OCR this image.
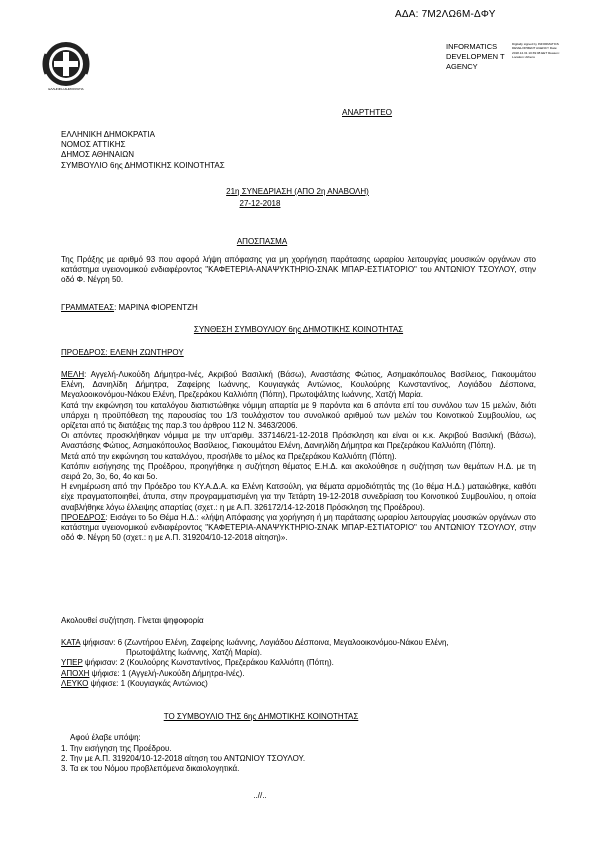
ΑΔΑ: 7Μ2ΛΩ6Μ-ΔΦΥ
ΕΛΛΗΝΙΚΗ ΔΗΜΟΚΡΑΤΙΑ
INFORMATICS DEVELOPMEN T AGENCY
Digitally signed by INFORMATICS DEVELOPMENT AGENCY Date: 2018.12.31 10:39:08 EET Reason: Location: Athens
ΑΝΑΡΤΗΤΕΟ
ΕΛΛΗΝΙΚΗ ΔΗΜΟΚΡΑΤΙΑ
ΝΟΜΟΣ ΑΤΤΙΚΗΣ
ΔΗΜΟΣ ΑΘΗΝΑΙΩΝ
ΣΥΜΒΟΥΛΙΟ 6ης ΔΗΜΟΤΙΚΗΣ ΚΟΙΝΟΤΗΤΑΣ
21η ΣΥΝΕΔΡΙΑΣΗ (ΑΠΟ 2η ΑΝΑΒΟΛΗ)
27-12-2018
ΑΠΟΣΠΑΣΜΑ

Της Πράξης με αριθμό 93 που αφορά λήψη απόφασης για μη χορήγηση παράτασης ωραρίου λειτουργίας μουσικών οργάνων στο κατάστημα υγειονομικού ενδιαφέροντος "ΚΑΦΕΤΕΡΙΑ-ΑΝΑΨΥΚΤΗΡΙΟ-ΣΝΑΚ ΜΠΑΡ-ΕΣΤΙΑΤΟΡΙΟ" του ΑΝΤΩΝΙΟΥ ΤΣΟΥΛΟΥ, στην οδό Φ. Νέγρη 50.

ΓΡΑΜΜΑΤΕΑΣ: ΜΑΡΙΝΑ ΦΙΟΡΕΝΤΖΗ
ΣΥΝΘΕΣΗ ΣΥΜΒΟΥΛΙΟΥ 6ης ΔΗΜΟΤΙΚΗΣ ΚΟΙΝΟΤΗΤΑΣ
ΠΡΟΕΔΡΟΣ: ΕΛΕΝΗ ΖΩΝΤΗΡΟΥ

ΜΕΛΗ: Αγγελή-Λυκούδη Δήμητρα-Ινές, Ακριβού Βασιλική (Βάσω), Αναστάσης Φώτιος, Ασημακόπουλος Βασίλειος, Γιακουμάτου Ελένη, Δανιηλίδη Δήμητρα, Ζαφείρης Ιωάννης, Κουγιαγκάς Αντώνιος, Κουλούρης Κωνσταντίνος, Λογιάδου Δέσποινα, Μεγαλοοικονόμου-Νάκου Ελένη, Πρεζεράκου Καλλιόπη (Πόπη), Πρωτοψάλτης Ιωάννης, Χατζή Μαρία.

Κατά την εκφώνηση του καταλόγου διαπιστώθηκε νόμιμη απαρτία με 9 παρόντα και 6 απόντα επί του συνόλου των 15 μελών, διότι υπάρχει η προϋπόθεση της παρουσίας του 1/3 τουλάχιστον του συνολικού αριθμού των μελών του Κοινοτικού Συμβουλίου, ως ορίζεται από τις διατάξεις της παρ.3 του άρθρου 112 Ν. 3463/2006.

Οι απόντες προσκλήθηκαν νόμιμα με την υπ'αριθμ. 337146/21-12-2018 Πρόσκληση και είναι οι κ.κ. Ακριβού Βασιλική (Βάσω), Αναστάσης Φώτιος, Ασημακόπουλος Βασίλειος, Γιακουμάτου Ελένη, Δανιηλίδη Δήμητρα και Πρεζεράκου Καλλιόπη (Πόπη).

Μετά από την εκφώνηση του καταλόγου, προσήλθε το μέλος κα Πρεζεράκου Καλλιόπη (Πόπη).

Κατόπιν εισήγησης της Προέδρου, προηγήθηκε η συζήτηση θέματος Ε.Η.Δ. και ακολούθησε η συζήτηση των θεμάτων Η.Δ. με τη σειρά 2ο, 3ο, 6ο, 4ο και 5ο.

Η ενημέρωση από την Πρόεδρο του ΚΥ.Α.Δ.Α. κα Ελένη Κατσούλη, για θέματα αρμοδιότητάς της (1ο θέμα Η.Δ.) ματαιώθηκε, καθότι είχε πραγματοποιηθεί, άτυπα, στην προγραμματισμένη για την Τετάρτη 19-12-2018 συνεδρίαση του Κοινοτικού Συμβουλίου, η οποία αναβλήθηκε λόγω έλλειψης απαρτίας (σχετ.: η με Α.Π. 326172/14-12-2018 Πρόσκληση της Προέδρου).

ΠΡΟΕΔΡΟΣ: Εισάγει το 5ο Θέμα Η.Δ.: «λήψη Απόφασης για χορήγηση ή μη παράτασης ωραρίου λειτουργίας μουσικών οργάνων στο κατάστημα υγειονομικού ενδιαφέροντος "ΚΑΦΕΤΕΡΙΑ-ΑΝΑΨΥΚΤΗΡΙΟ-ΣΝΑΚ ΜΠΑΡ-ΕΣΤΙΑΤΟΡΙΟ" του ΑΝΤΩΝΙΟΥ ΤΣΟΥΛΟΥ, στην οδό Φ. Νέγρη 50 (σχετ.: η με Α.Π. 319204/10-12-2018 αίτηση)».

Ακολουθεί συζήτηση. Γίνεται ψηφοφορία
ΚΑΤΑ ψήφισαν: 6 (Ζωντήρου Ελένη, Ζαφείρης Ιωάννης, Λογιάδου Δέσποινα, Μεγαλοοικονόμου-Νάκου Ελένη,
Πρωτοψάλτης Ιωάννης, Χατζή Μαρία).
ΥΠΕΡ ψήφισαν: 2 (Κουλούρης Κωνσταντίνος, Πρεζεράκου Καλλιόπη (Πόπη).
ΑΠΟΧΗ ψήφισε: 1 (Αγγελή-Λυκούδη Δήμητρα-Ινές).
ΛΕΥΚΟ ψήφισε: 1 (Κουγιαγκάς Αντώνιος)
ΤΟ ΣΥΜΒΟΥΛΙΟ ΤΗΣ 6ης ΔΗΜΟΤΙΚΗΣ ΚΟΙΝΟΤΗΤΑΣ
Αφού έλαβε υπόψη:
1. Την εισήγηση της Προέδρου.
2. Την με Α.Π. 319204/10-12-2018 αίτηση του ΑΝΤΩΝΙΟΥ ΤΣΟΥΛΟΥ.
3. Τα εκ του Νόμου προβλεπόμενα δικαιολογητικά.
..//..
